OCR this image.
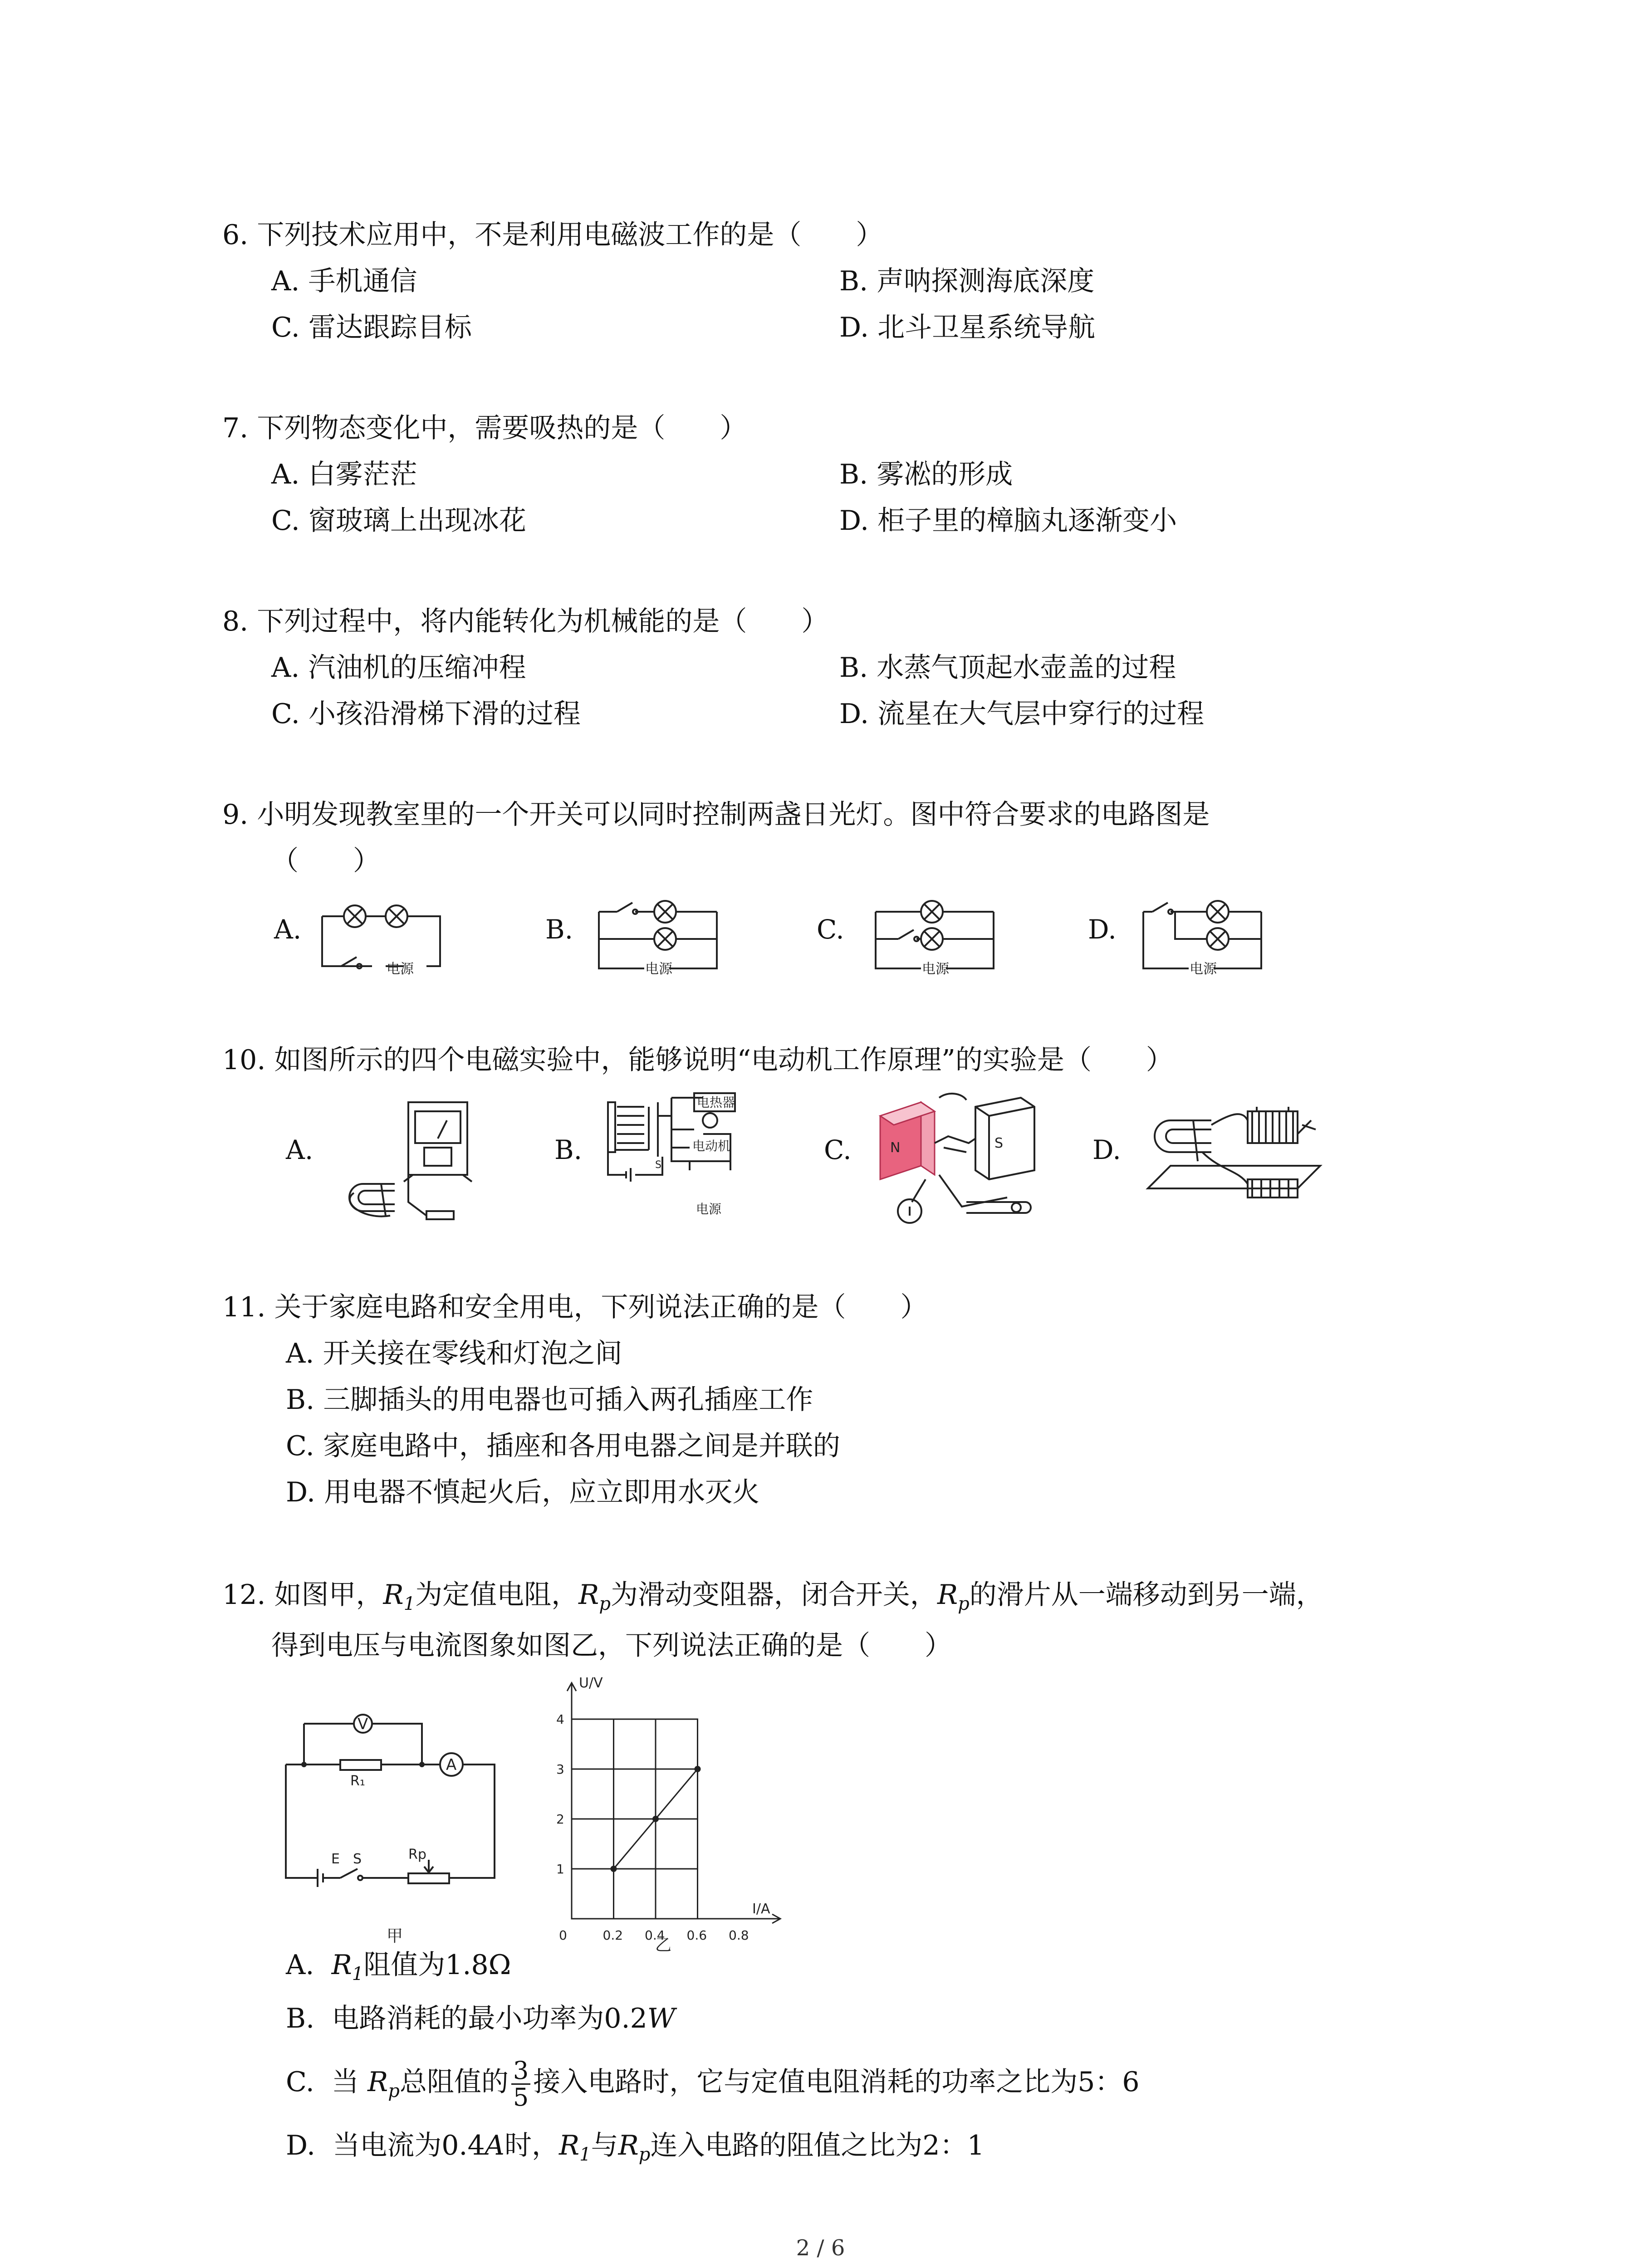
6. 下列技术应用中，不是利用电磁波工作的是（　　）
A. 手机通信	B. 声呐探测海底深度
C. 雷达跟踪目标	D. 北斗卫星系统导航
7. 下列物态变化中，需要吸热的是（　　）
A. 白雾茫茫	B. 雾凇的形成
C. 窗玻璃上出现冰花	D. 柜子里的樟脑丸逐渐变小
8. 下列过程中，将内能转化为机械能的是（　　）
A. 汽油机的压缩冲程	B. 水蒸气顶起水壶盖的过程
C. 小孩沿滑梯下滑的过程	D. 流星在大气层中穿行的过程
9. 小明发现教室里的一个开关可以同时控制两盏日光灯。图中符合要求的电路图是
（　　）
A.
电源
B.
电源
C.
电源
D.
电源
10. 如图所示的四个电磁实验中，能够说明“电动机工作原理”的实验是（　　）
A.	B.
电热器
电动机
电源
S	C.	N	S	D.
11. 关于家庭电路和安全用电，下列说法正确的是（　　）
A. 开关接在零线和灯泡之间
B. 三脚插头的用电器也可插入两孔插座工作
C. 家庭电路中，插座和各用电器之间是并联的
D. 用电器不慎起火后，应立即用水灭火
12. 如图甲，$R_1$为定值电阻，$R_p$为滑动变阻器，闭合开关，$R_p$的滑片从一端移动到另一端，
得到电压与电流图象如图乙，下列说法正确的是（　　）
V
A
R₁
E S	Rp
甲
U/V
I/A
0	0.2 0.4 0.6 0.8
1
2
3
4
乙
A. $R_1$阻值为1.8Ω
B. 电路消耗的最小功率为0.2W
C. 当 $R_p$总阻值的 $\frac{3}{5}$ 接入电路时，它与定值电阻消耗的功率之比为5：6
D. 当电流为0.4A时，$R_1$与$R_p$连入电路的阻值之比为2：1
2 / 6
